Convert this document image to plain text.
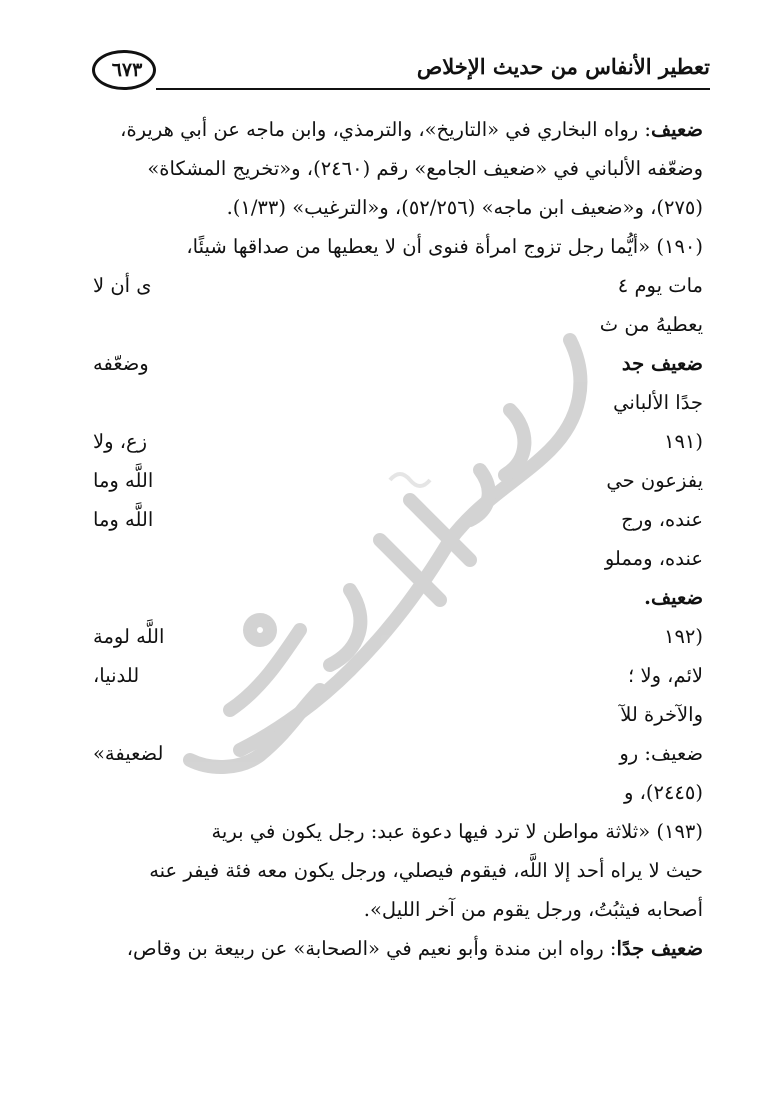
٦٧٣	تعطير الأنفاس من حديث الإخلاص
ضعيف: رواه البخاري في «التاريخ»، والترمذي، وابن ماجه عن أبي هريرة،
وضعّفه الألباني في «ضعيف الجامع» رقم (٢٤٦٠)، و«تخريج المشكاة»
(٢٧٥)، و«ضعيف ابن ماجه» (٥٢/٢٥٦)، و«الترغيب» (١/٣٣).
(١٩٠) «أيُّما رجل تزوج امرأة فنوى أن لا يعطيها من صداقها شيئًا،
مات يوم ٤
ى أن لا
يعطيهُ من ث
ضعيف جد
وضعّفه
جدًا الألباني
(١٩١
زع، ولا
يفزعون حي
اللَّه وما
عنده، ورج
اللَّه وما
عنده، ومملو
ضعيف.
(١٩٢
اللَّه لومة
لائم، ولا ؛
للدنيا،
والآخرة للآ
ضعيف: رو
لضعيفة»
(٢٤٤٥)، و
(١٩٣) «ثلاثة مواطن لا ترد فيها دعوة عبد: رجل يكون في برية
حيث لا يراه أحد إلا اللَّه، فيقوم فيصلي، ورجل يكون معه فئة فيفر عنه
أصحابه فيثبُتُ، ورجل يقوم من آخر الليل».
ضعيف جدًا: رواه ابن مندة وأبو نعيم في «الصحابة» عن ربيعة بن وقاص،
